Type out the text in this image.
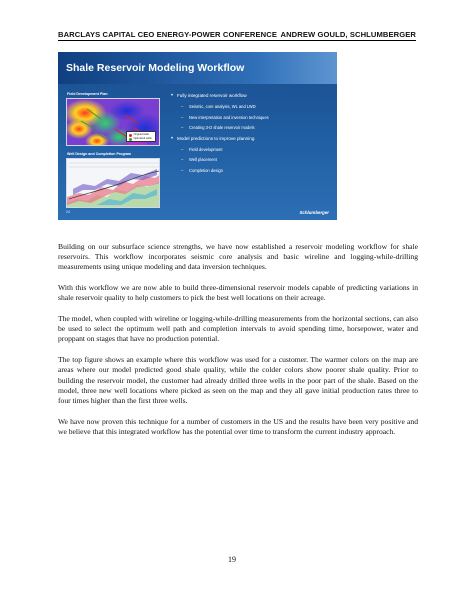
BARCLAYS CAPITAL CEO ENERGY-POWER CONFERENCE ANDREW GOULD, SCHLUMBERGER
Shale Reservoir Modeling Workflow
Field Development Plan
Original wells
Optimized wells
Well Design and Completion Program
• Fully integrated reservoir workflow
– Seismic, core analysis, WL and LWD
– New interpretation and inversion techniques
– Creating 3-D shale reservoir models
• Model predictions to improve planning
– Field development
– Well placement
– Completion design
24	Schlumberger

Building on our subsurface science strengths, we have now established a reservoir modeling workflow for shale reservoirs. This workflow incorporates seismic core analysis and basic wireline and logging-while-drilling measurements using unique modeling and data inversion techniques.

With this workflow we are now able to build three-dimensional reservoir models capable of predicting variations in shale reservoir quality to help customers to pick the best well locations on their acreage.

The model, when coupled with wireline or logging-while-drilling measurements from the horizontal sections, can also be used to select the optimum well path and completion intervals to avoid spending time, horsepower, water and proppant on stages that have no production potential.

The top figure shows an example where this workflow was used for a customer. The warmer colors on the map are areas where our model predicted good shale quality, while the colder colors show poorer shale quality. Prior to building the reservoir model, the customer had already drilled three wells in the poor part of the shale. Based on the model, three new well locations where picked as seen on the map and they all gave initial production rates three to four times higher than the first three wells.

We have now proven this technique for a number of customers in the US and the results have been very positive and we believe that this integrated workflow has the potential over time to transform the current industry approach.

19
